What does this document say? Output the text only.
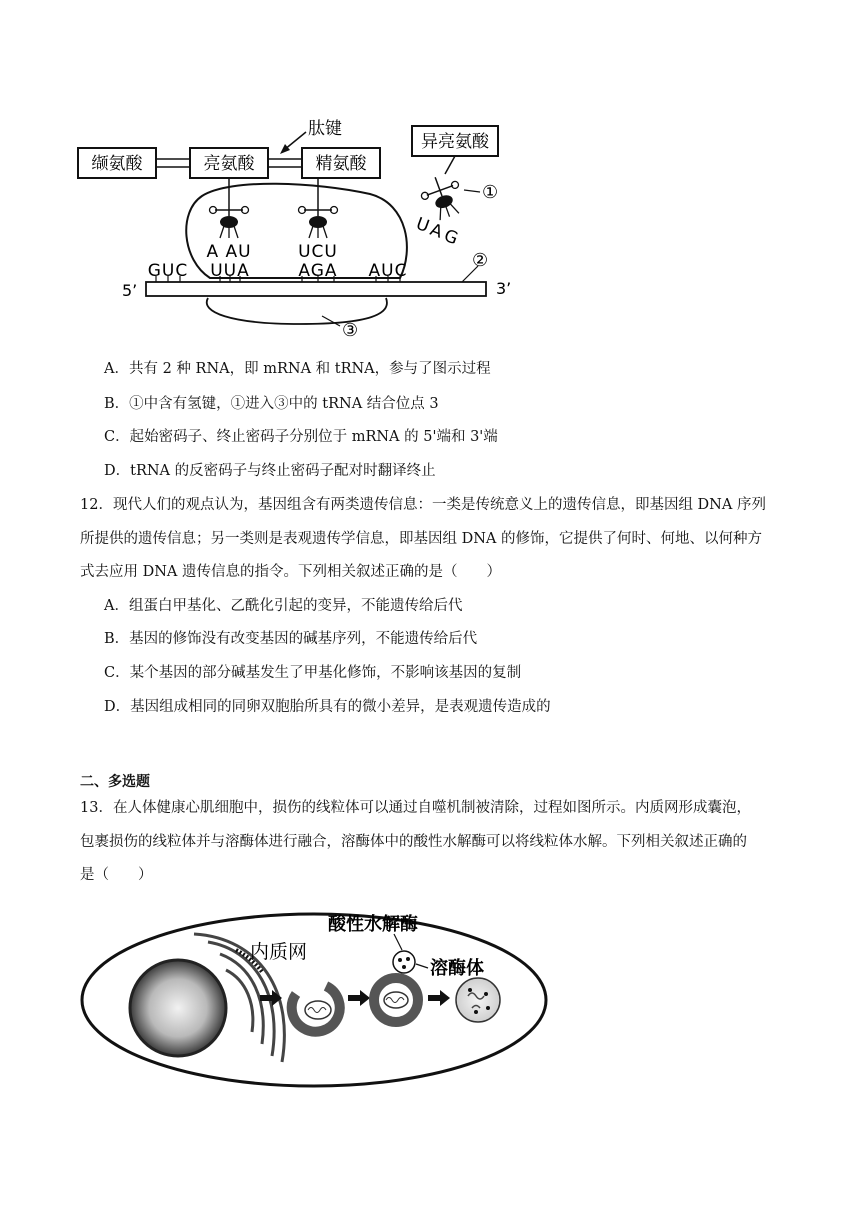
缬氨酸	亮氨酸	精氨酸
肽键
异亮氨酸
A AU	UCU
U
A
G
①
GUC UUA	AGA AUC
5’	3’
②
③
A．共有 2 种 RNA，即 mRNA 和 tRNA，参与了图示过程
B．①中含有氢键，①进入③中的 tRNA 结合位点 3
C．起始密码子、终止密码子分别位于 mRNA 的 5'端和 3'端
D．tRNA 的反密码子与终止密码子配对时翻译终止
12．现代人们的观点认为，基因组含有两类遗传信息：一类是传统意义上的遗传信息，即基因组 DNA 序列
所提供的遗传信息；另一类则是表观遗传学信息，即基因组 DNA 的修饰，它提供了何时、何地、以何种方
式去应用 DNA 遗传信息的指令。下列相关叙述正确的是（　　）
A．组蛋白甲基化、乙酰化引起的变异，不能遗传给后代
B．基因的修饰没有改变基因的碱基序列，不能遗传给后代
C．某个基因的部分碱基发生了甲基化修饰，不影响该基因的复制
D．基因组成相同的同卵双胞胎所具有的微小差异，是表观遗传造成的
二、多选题
13．在人体健康心肌细胞中，损伤的线粒体可以通过自噬机制被清除，过程如图所示。内质网形成囊泡，
包裹损伤的线粒体并与溶酶体进行融合，溶酶体中的酸性水解酶可以将线粒体水解。下列相关叙述正确的
是（　　）
内质网
酸性水解酶
溶酶体
